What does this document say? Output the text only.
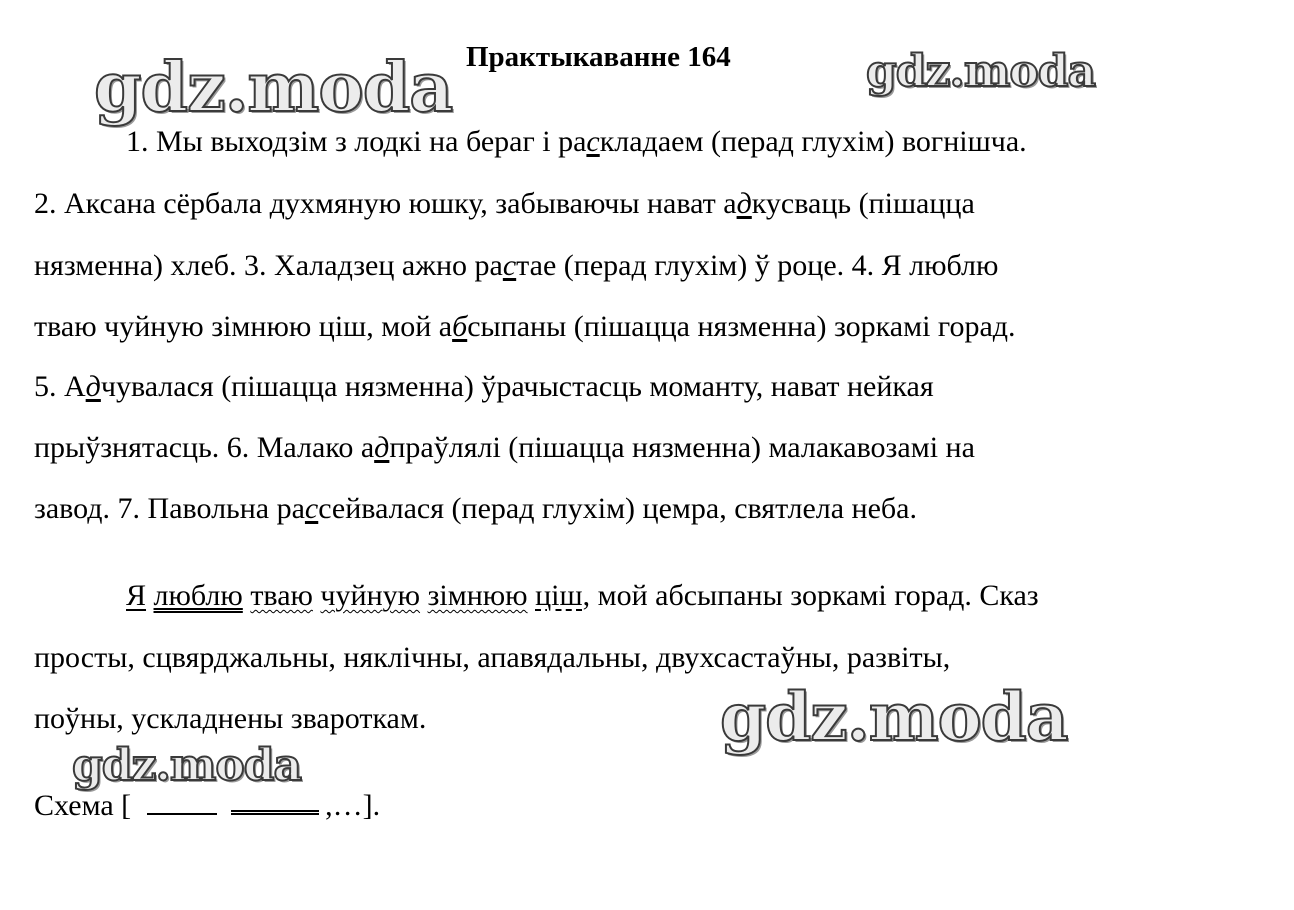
gdz.moda	gdz.moda
gdz.moda
gdz.moda
Практыкаванне 164
1. Мы выходзім з лодкі на бераг і раскладаем (перад глухім) вогнішча.
2. Аксана сёрбала духмяную юшку, забываючы нават адкусваць (пішацца
нязменна) хлеб. 3. Халадзец ажно растае (перад глухім) ў роце. 4. Я люблю
тваю чуйную зімнюю ціш, мой абсыпаны (пішацца нязменна) зоркамі горад.
5. Адчувалася (пішацца нязменна) ўрачыстасць моманту, нават нейкая
прыўзнятасць. 6. Малако адпраўлялі (пішацца нязменна) малакавозамі на
завод. 7. Павольна рассейвалася (перад глухім) цемра, святлела неба.
Я люблю тваю чуйную зімнюю ціш, мой абсыпаны зоркамі горад. Сказ
просты, сцвярджальны, няклічны, апавядальны, двухсастаўны, развіты,
поўны, ускладнены звароткам.
Схема [	,…].
